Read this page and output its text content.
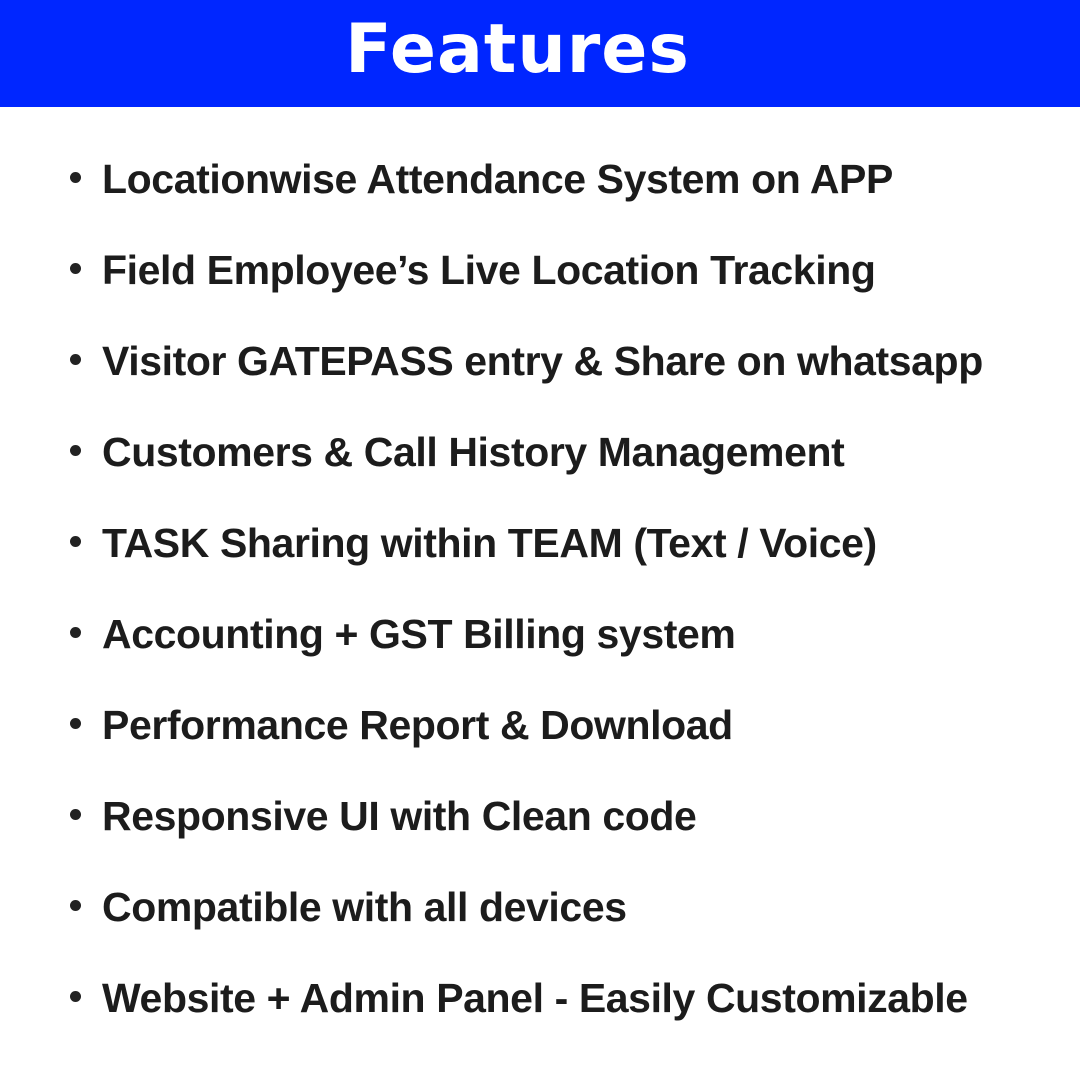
Features
Locationwise Attendance System on APP
Field Employee’s Live Location Tracking
Visitor GATEPASS entry & Share on whatsapp
Customers & Call History Management
TASK Sharing within TEAM (Text / Voice)
Accounting + GST Billing system
Performance Report & Download
Responsive UI with Clean code
Compatible with all devices
Website + Admin Panel - Easily Customizable
